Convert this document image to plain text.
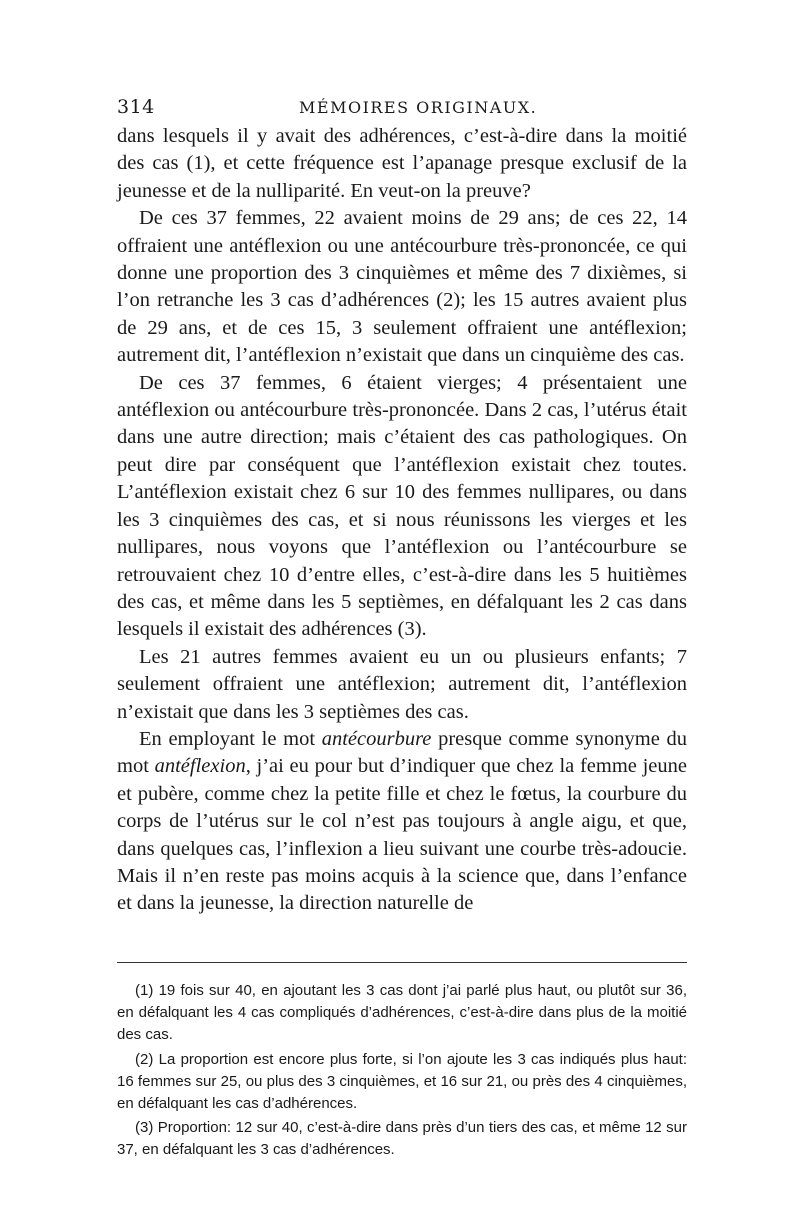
314	MÉMOIRES ORIGINAUX.

dans lesquels il y avait des adhérences, c’est-à-dire dans la moitié des cas (1), et cette fréquence est l’apanage presque exclusif de la jeunesse et de la nulliparité. En veut-on la preuve?

De ces 37 femmes, 22 avaient moins de 29 ans; de ces 22, 14 offraient une antéflexion ou une antécourbure très-prononcée, ce qui donne une proportion des 3 cinquièmes et même des 7 dixièmes, si l’on retranche les 3 cas d’adhérences (2); les 15 autres avaient plus de 29 ans, et de ces 15, 3 seulement offraient une antéflexion; autrement dit, l’antéflexion n’existait que dans un cinquième des cas.

De ces 37 femmes, 6 étaient vierges; 4 présentaient une antéflexion ou antécourbure très-prononcée. Dans 2 cas, l’utérus était dans une autre direction; mais c’étaient des cas pathologiques. On peut dire par conséquent que l’antéflexion existait chez toutes. L’antéflexion existait chez 6 sur 10 des femmes nullipares, ou dans les 3 cinquièmes des cas, et si nous réunissons les vierges et les nullipares, nous voyons que l’antéflexion ou l’antécourbure se retrouvaient chez 10 d’entre elles, c’est-à-dire dans les 5 huitièmes des cas, et même dans les 5 septièmes, en défalquant les 2 cas dans lesquels il existait des adhérences (3).

Les 21 autres femmes avaient eu un ou plusieurs enfants; 7 seulement offraient une antéflexion; autrement dit, l’antéflexion n’existait que dans les 3 septièmes des cas.

En employant le mot antécourbure presque comme synonyme du mot antéflexion, j’ai eu pour but d’indiquer que chez la femme jeune et pubère, comme chez la petite fille et chez le fœtus, la courbure du corps de l’utérus sur le col n’est pas toujours à angle aigu, et que, dans quelques cas, l’inflexion a lieu suivant une courbe très-adoucie. Mais il n’en reste pas moins acquis à la science que, dans l’enfance et dans la jeunesse, la direction naturelle de

(1) 19 fois sur 40, en ajoutant les 3 cas dont j’ai parlé plus haut, ou plutôt sur 36, en défalquant les 4 cas compliqués d’adhérences, c’est-à-dire dans plus de la moitié des cas.

(2) La proportion est encore plus forte, si l’on ajoute les 3 cas indiqués plus haut: 16 femmes sur 25, ou plus des 3 cinquièmes, et 16 sur 21, ou près des 4 cinquièmes, en défalquant les cas d’adhérences.

(3) Proportion: 12 sur 40, c’est-à-dire dans près d’un tiers des cas, et même 12 sur 37, en défalquant les 3 cas d’adhérences.
